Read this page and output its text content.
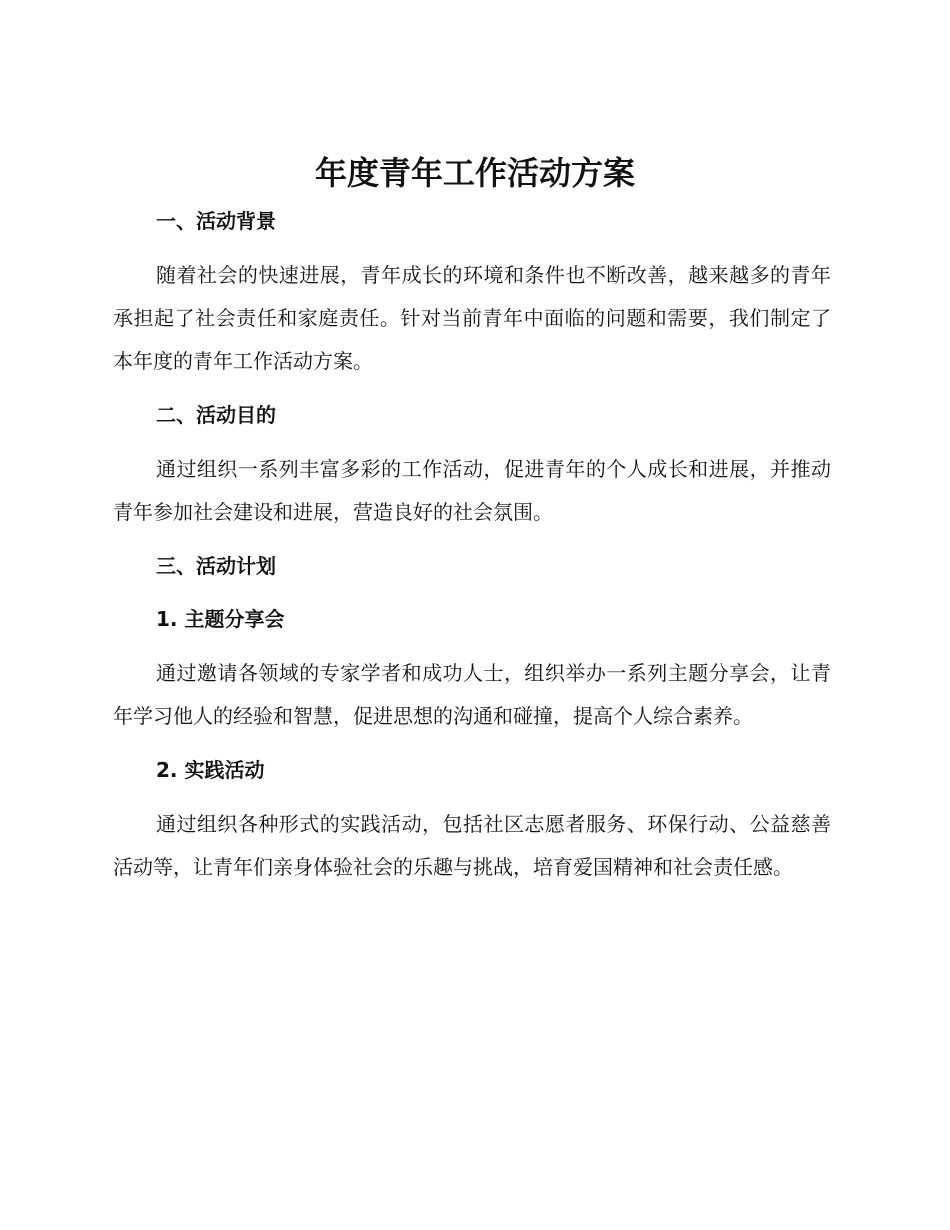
年度青年工作活动方案
一、活动背景

随着社会的快速进展，青年成长的环境和条件也不断改善，越来越多的青年承担起了社会责任和家庭责任。针对当前青年中面临的问题和需要，我们制定了本年度的青年工作活动方案。

二、活动目的

通过组织一系列丰富多彩的工作活动，促进青年的个人成长和进展，并推动青年参加社会建设和进展，营造良好的社会氛围。

三、活动计划
1. 主题分享会

通过邀请各领域的专家学者和成功人士，组织举办一系列主题分享会，让青年学习他人的经验和智慧，促进思想的沟通和碰撞，提高个人综合素养。

2. 实践活动

通过组织各种形式的实践活动，包括社区志愿者服务、环保行动、公益慈善活动等，让青年们亲身体验社会的乐趣与挑战，培育爱国精神和社会责任感。
